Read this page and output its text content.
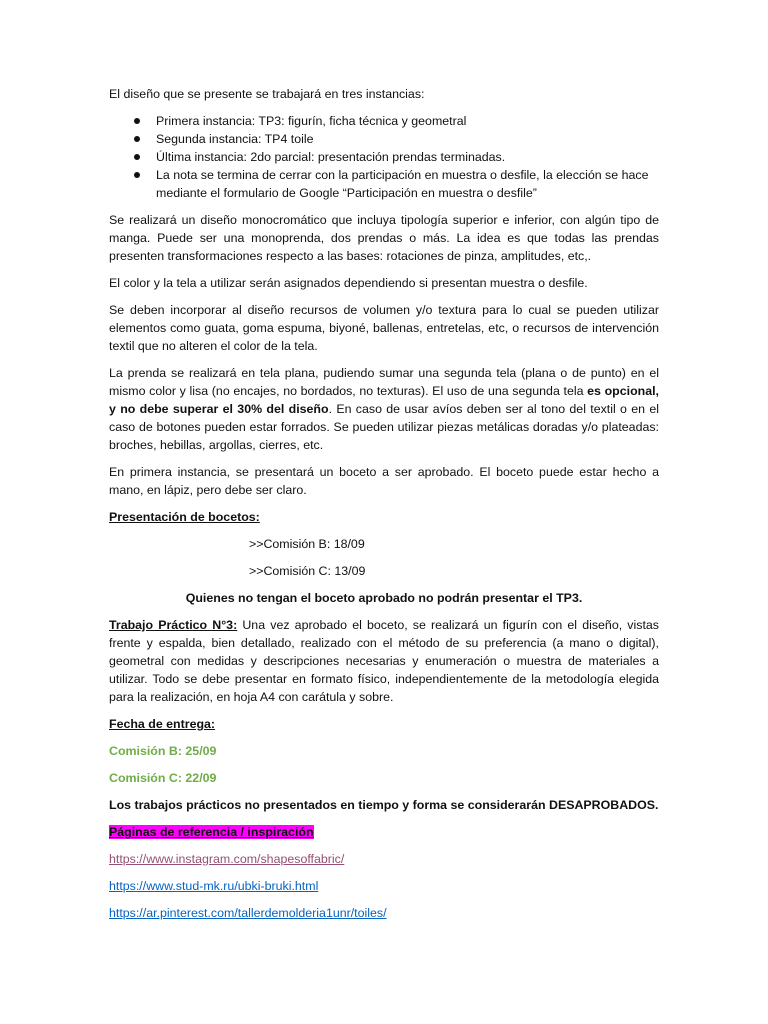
El diseño que se presente se trabajará en tres instancias:

Primera instancia: TP3: figurín, ficha técnica y geometral
Segunda instancia: TP4 toile
Última instancia: 2do parcial: presentación prendas terminadas.
La nota se termina de cerrar con la participación en muestra o desfile, la elección se hace mediante el formulario de Google “Participación en muestra o desfile”

Se realizará un diseño monocromático que incluya tipología superior e inferior, con algún tipo de manga. Puede ser una monoprenda, dos prendas o más. La idea es que todas las prendas presenten transformaciones respecto a las bases: rotaciones de pinza, amplitudes, etc,.

El color y la tela a utilizar serán asignados dependiendo si presentan muestra o desfile.

Se deben incorporar al diseño recursos de volumen y/o textura para lo cual se pueden utilizar elementos como guata, goma espuma, biyoné, ballenas, entretelas, etc, o recursos de intervención textil que no alteren el color de la tela.

La prenda se realizará en tela plana, pudiendo sumar una segunda tela (plana o de punto) en el mismo color y lisa (no encajes, no bordados, no texturas). El uso de una segunda tela es opcional, y no debe superar el 30% del diseño. En caso de usar avíos deben ser al tono del textil o en el caso de botones pueden estar forrados. Se pueden utilizar piezas metálicas doradas y/o plateadas: broches, hebillas, argollas, cierres, etc.

En primera instancia, se presentará un boceto a ser aprobado. El boceto puede estar hecho a mano, en lápiz, pero debe ser claro.

Presentación de bocetos:

>>Comisión B: 18/09

>>Comisión C: 13/09

Quienes no tengan el boceto aprobado no podrán presentar el TP3.

Trabajo Práctico N°3: Una vez aprobado el boceto, se realizará un figurín con el diseño, vistas frente y espalda, bien detallado, realizado con el método de su preferencia (a mano o digital), geometral con medidas y descripciones necesarias y enumeración o muestra de materiales a utilizar. Todo se debe presentar en formato físico, independientemente de la metodología elegida para la realización, en hoja A4 con carátula y sobre.

Fecha de entrega:

Comisión B: 25/09

Comisión C: 22/09

Los trabajos prácticos no presentados en tiempo y forma se considerarán DESAPROBADOS.

Páginas de referencia / inspiración

https://www.instagram.com/shapesoffabric/

https://www.stud-mk.ru/ubki-bruki.html

https://ar.pinterest.com/tallerdemolderia1unr/toiles/
